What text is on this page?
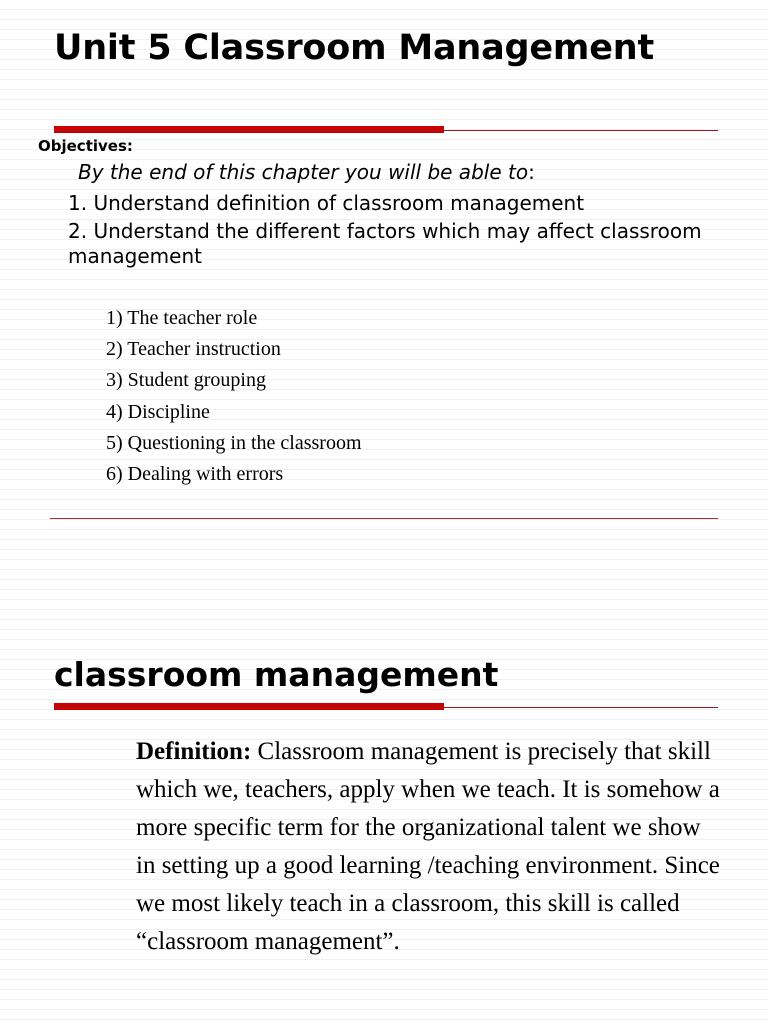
Unit 5 Classroom Management
Objectives:
By the end of this chapter you will be able to:
1. Understand definition of classroom management
2. Understand the different factors which may affect classroom management
1) The teacher role
2) Teacher instruction
3) Student grouping
4) Discipline
5) Questioning in the classroom
6) Dealing with errors
classroom management
Definition: Classroom management is precisely that skill which we, teachers, apply when we teach. It is somehow a more specific term for the organizational talent we show in setting up a good learning /teaching environment. Since we most likely teach in a classroom, this skill is called “classroom management”.
